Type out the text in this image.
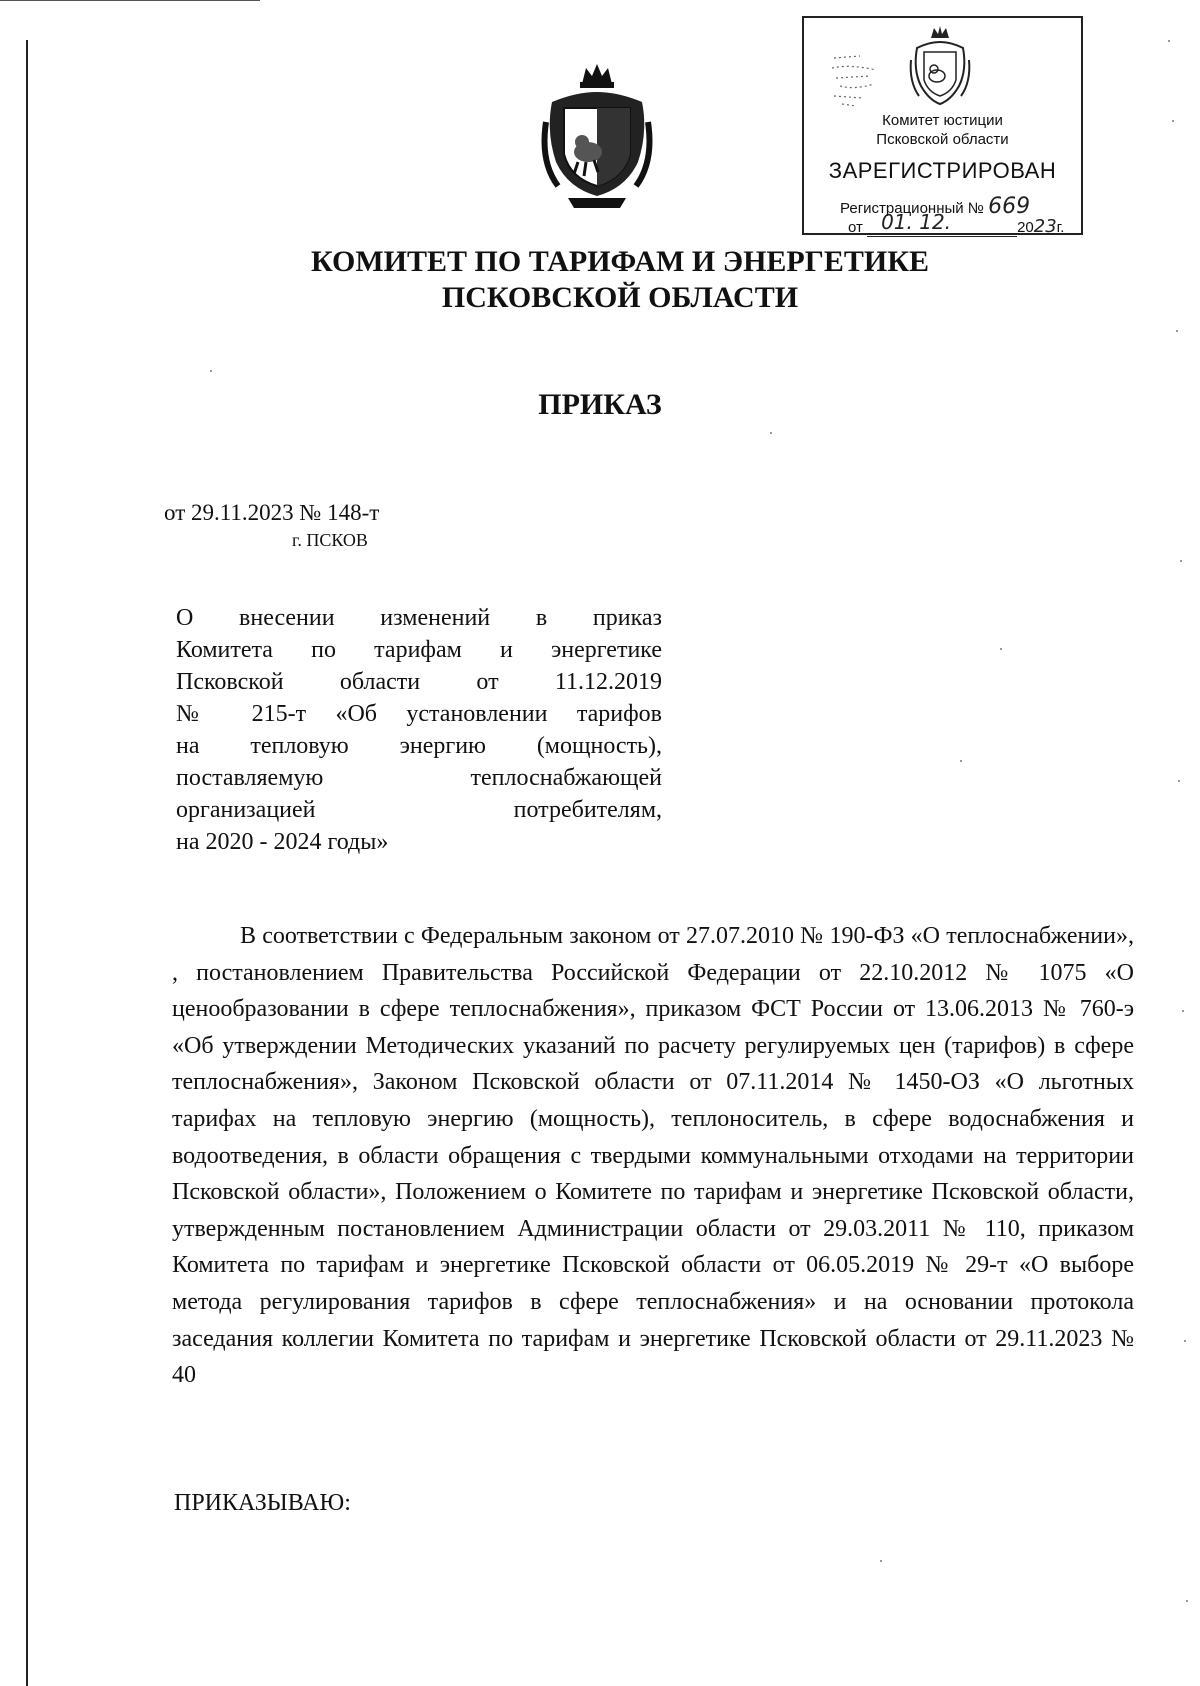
Комитет юстиции
Псковской области
ЗАРЕГИСТРИРОВАН
Регистрационный № 669
от 01. 12.	2023г.
КОМИТЕТ ПО ТАРИФАМ И ЭНЕРГЕТИКЕ
ПСКОВСКОЙ ОБЛАСТИ
ПРИКАЗ
от 29.11.2023 № 148-т
г. ПСКОВ
О внесении изменений в приказ
Комитета по тарифам и энергетике
Псковской области от 11.12.2019
№ 215-т «Об установлении тарифов
на тепловую энергию (мощность),
поставляемую теплоснабжающей
организацией потребителям,
на 2020 - 2024 годы»
В соответствии с Федеральным законом от 27.07.2010 № 190-ФЗ «О теплоснабжении», , постановлением Правительства Российской Федерации от 22.10.2012 № 1075 «О ценообразовании в сфере теплоснабжения», приказом ФСТ России от 13.06.2013 № 760-э «Об утверждении Методических указаний по расчету регулируемых цен (тарифов) в сфере теплоснабжения», Законом Псковской области от 07.11.2014 № 1450-ОЗ «О льготных тарифах на тепловую энергию (мощность), теплоноситель, в сфере водоснабжения и водоотведения, в области обращения с твердыми коммунальными отходами на территории Псковской области», Положением о Комитете по тарифам и энергетике Псковской области, утвержденным постановлением Администрации области от 29.03.2011 № 110, приказом Комитета по тарифам и энергетике Псковской области от 06.05.2019 № 29-т «О выборе метода регулирования тарифов в сфере теплоснабжения» и на основании протокола заседания коллегии Комитета по тарифам и энергетике Псковской области от 29.11.2023 № 40
ПРИКАЗЫВАЮ:
